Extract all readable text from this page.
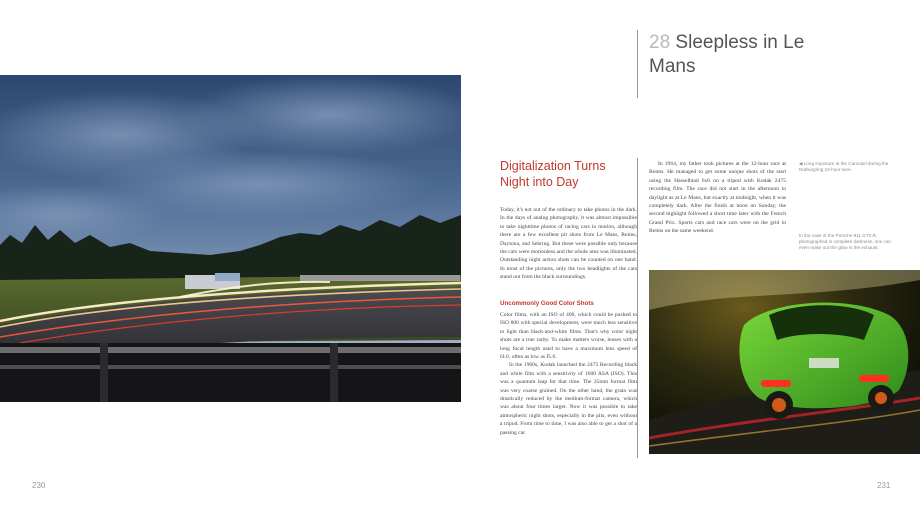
230
28 Sleepless in Le Mans
Digitalization Turns Night into Day

Today, it's not out of the ordinary to take photos in the dark. In the days of analog photography, it was almost impossible to take nighttime photos of racing cars in motion, although there are a few excellent pit shots from Le Mans, Reims, Daytona, and Sebring. But these were possible only because the cars were motionless and the whole area was illuminated. Outstanding night action shots can be counted on one hand. In most of the pictures, only the two headlights of the cars stand out from the black surroundings.

Uncommonly Good Color Shots

Color films, with an ISO of 400, which could be pushed to ISO 800 with special development, were much less sensitive to light than black-and-white films. That's why color night shots are a true rarity. To make matters worse, lenses with a long focal length used to have a maximum lens speed of f4.0, often as low as f5.6.

In the 1960s, Kodak launched the 2475 Recording black and white film with a sensitivity of 1600 ASA (ISO). This was a quantum leap for that time. The 35mm format film was very coarse grained. On the other hand, the grain was drastically reduced by the medium-format camera, which was about four times larger. Now it was possible to take atmospheric night shots, especially in the pits, even without a tripod. From time to time, I was also able to get a shot of a passing car.

In 1964, my father took pictures at the 12-hour race at Reims. He managed to get some unique shots of the start using the Hasselblad 6x6 on a tripod with Kodak 2475 recording film. The race did not start in the afternoon in daylight as at Le Mans, but exactly at midnight, when it was completely dark. After the finish at noon on Sunday, the second highlight followed a short time later with the French Grand Prix. Sports cars and race cars were on the grid in Reims on the same weekend.

◀ Long exposure at the Carousel during the Nürburgring 24-hour race.
In the case of the Porsche 911 GT3 R, photographed in complete darkness, one can even make out the glow in the exhaust.
231
